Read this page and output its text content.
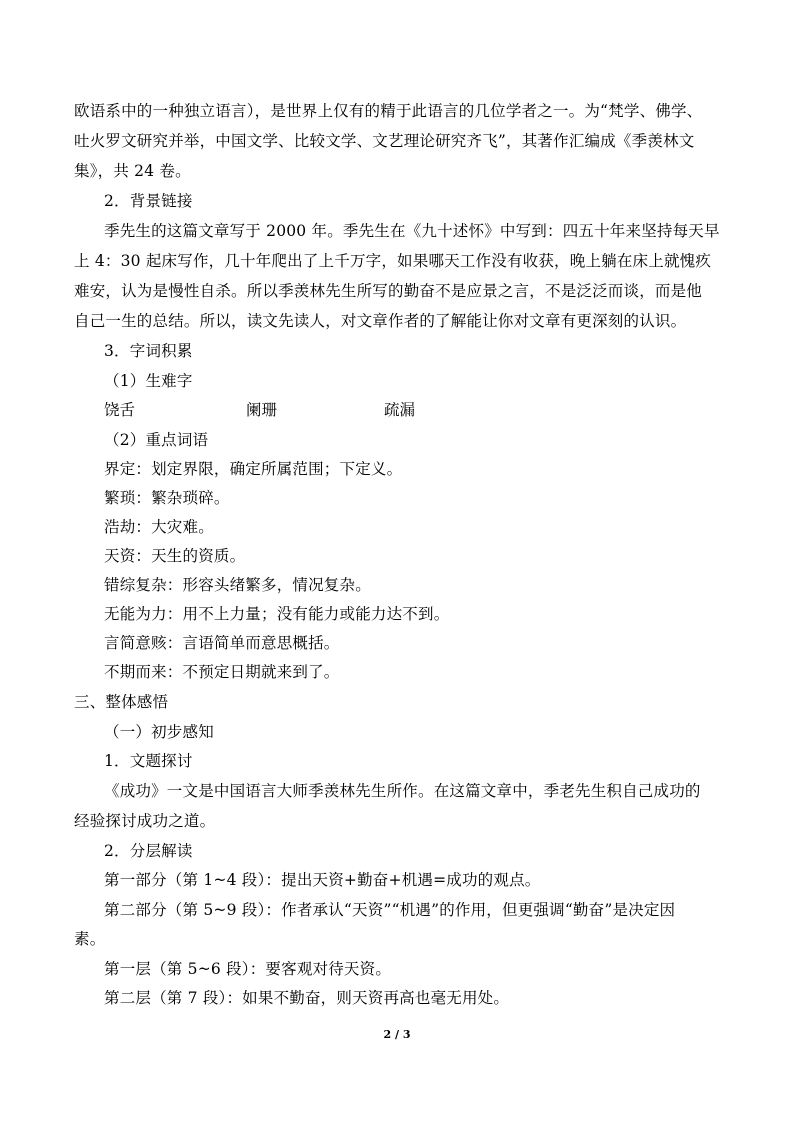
欧语系中的一种独立语言），是世界上仅有的精于此语言的几位学者之一。为“梵学、佛学、
吐火罗文研究并举，中国文学、比较文学、文艺理论研究齐飞”，其著作汇编成《季羡林文
集》，共 24 卷。
2．背景链接
季先生的这篇文章写于 2000 年。季先生在《九十述怀》中写到：四五十年来坚持每天早
上 4：30 起床写作，几十年爬出了上千万字，如果哪天工作没有收获，晚上躺在床上就愧疚
难安，认为是慢性自杀。所以季羡林先生所写的勤奋不是应景之言，不是泛泛而谈，而是他
自己一生的总结。所以，读文先读人，对文章作者的了解能让你对文章有更深刻的认识。
3．字词积累
（1）生难字
饶舌	阑珊	疏漏
（2）重点词语
界定：划定界限，确定所属范围；下定义。
繁琐：繁杂琐碎。
浩劫：大灾难。
天资：天生的资质。
错综复杂：形容头绪繁多，情况复杂。
无能为力：用不上力量；没有能力或能力达不到。
言简意赅：言语简单而意思概括。
不期而来：不预定日期就来到了。
三、整体感悟
（一）初步感知
1．文题探讨
《成功》一文是中国语言大师季羡林先生所作。在这篇文章中，季老先生积自己成功的
经验探讨成功之道。
2．分层解读
第一部分（第 1~4 段）：提出天资+勤奋+机遇=成功的观点。
第二部分（第 5~9 段）：作者承认“天资”“机遇”的作用，但更强调“勤奋”是决定因
素。
第一层（第 5~6 段）：要客观对待天资。
第二层（第 7 段）：如果不勤奋，则天资再高也毫无用处。
2 / 3
